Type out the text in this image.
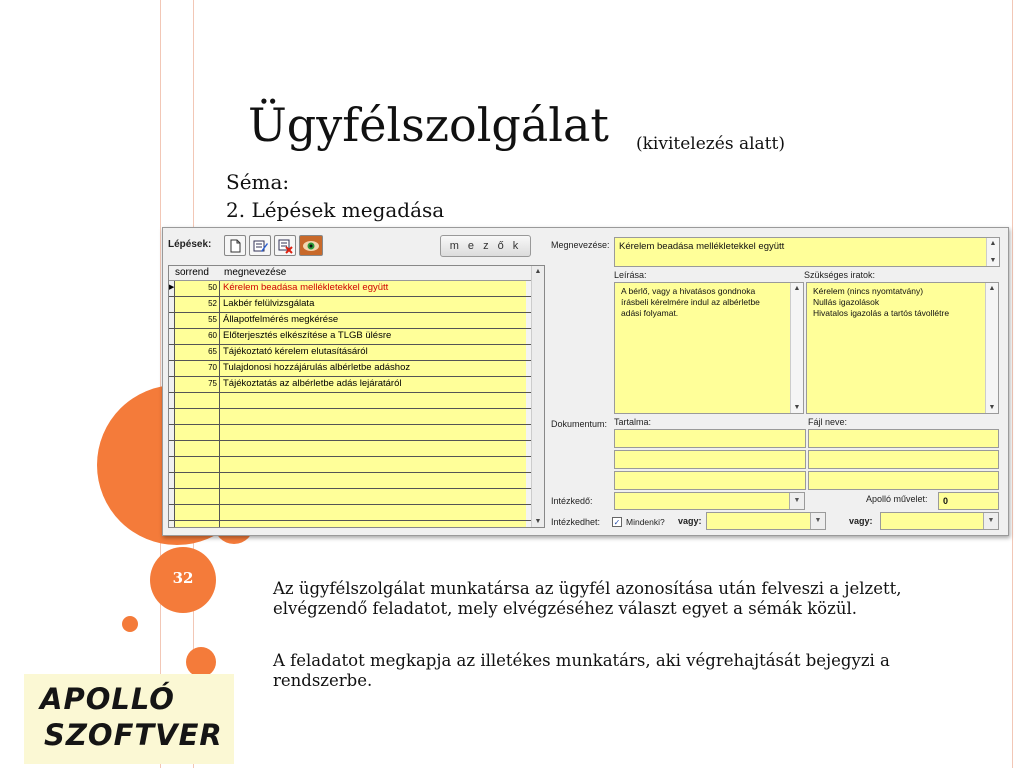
Ügyfélszolgálat (kivitelezés alatt)
Séma:
2. Lépések megadása
Lépések:	m e z ő k
sorrend megnevezése
▶	50 Kérelem beadása mellékletekkel együtt
52 Lakbér felülvizsgálata
55 Állapotfelmérés megkérése
60 Előterjesztés elkészítése a TLGB ülésre
65 Tájékoztató kérelem elutasításáról
70 Tulajdonosi hozzájárulás albérletbe adáshoz
75 Tájékoztatás az albérletbe adás lejáratáról
▲
▼
Megnevezése: Kérelem beadása mellékletekkel együtt	▲
▼
Leírása:	Szükséges iratok:
A bérlő, vagy a hivatásos gondnoka
írásbeli kérelmére indul az albérletbe
adási folyamat.
▲
▼
Kérelem (nincs nyomtatvány)
Nullás igazolások
Hivatalos igazolás a tartós távollétre
▲
▼
Dokumentum: Tartalma:	Fájl neve:
Intézkedő:	▼	Apolló művelet:	0
Intézkedhet: ✓ Mindenki? vagy:	▼	vagy:	▼
32
Az ügyfélszolgálat munkatársa az ügyfél azonosítása után felveszi a jelzett, elvégzendő feladatot, mely elvégzéséhez választ egyet a sémák közül.
A feladatot megkapja az illetékes munkatárs, aki végrehajtását bejegyzi a rendszerbe.
APOLLÓ
SZOFTVER
